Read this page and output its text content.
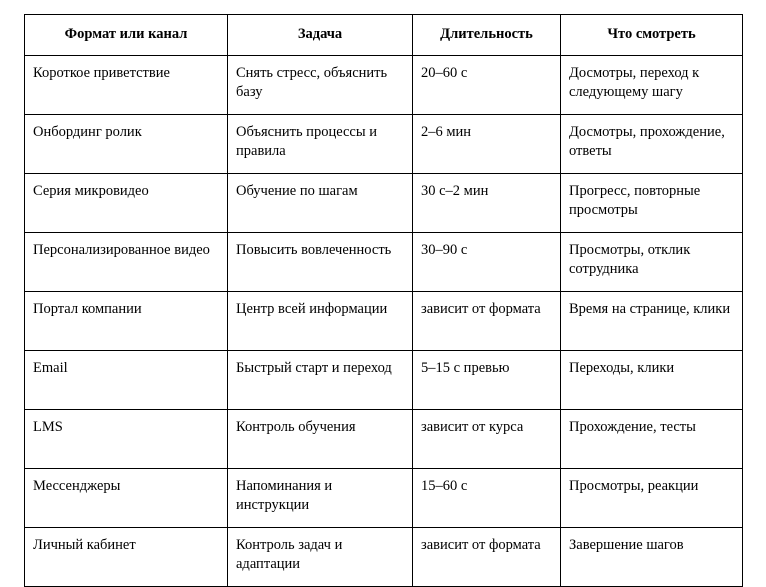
Формат или канал	Задача	Длительность	Что смотреть
Короткое приветствие	Снять стресс, объяснить базу	20–60 с	Досмотры, переход к следующему шагу
Онбординг ролик	Объяснить процессы и правила	2–6 мин	Досмотры, прохождение, ответы
Серия микровидео	Обучение по шагам	30 с–2 мин	Прогресс, повторные просмотры
Персонализированное видео	Повысить вовлеченность	30–90 с	Просмотры, отклик сотрудника
Портал компании	Центр всей информации	зависит от формата	Время на странице, клики
Email	Быстрый старт и переход	5–15 с превью	Переходы, клики
LMS	Контроль обучения	зависит от курса	Прохождение, тесты
Мессенджеры	Напоминания и инструкции	15–60 с	Просмотры, реакции
Личный кабинет	Контроль задач и адаптации	зависит от формата	Завершение шагов
